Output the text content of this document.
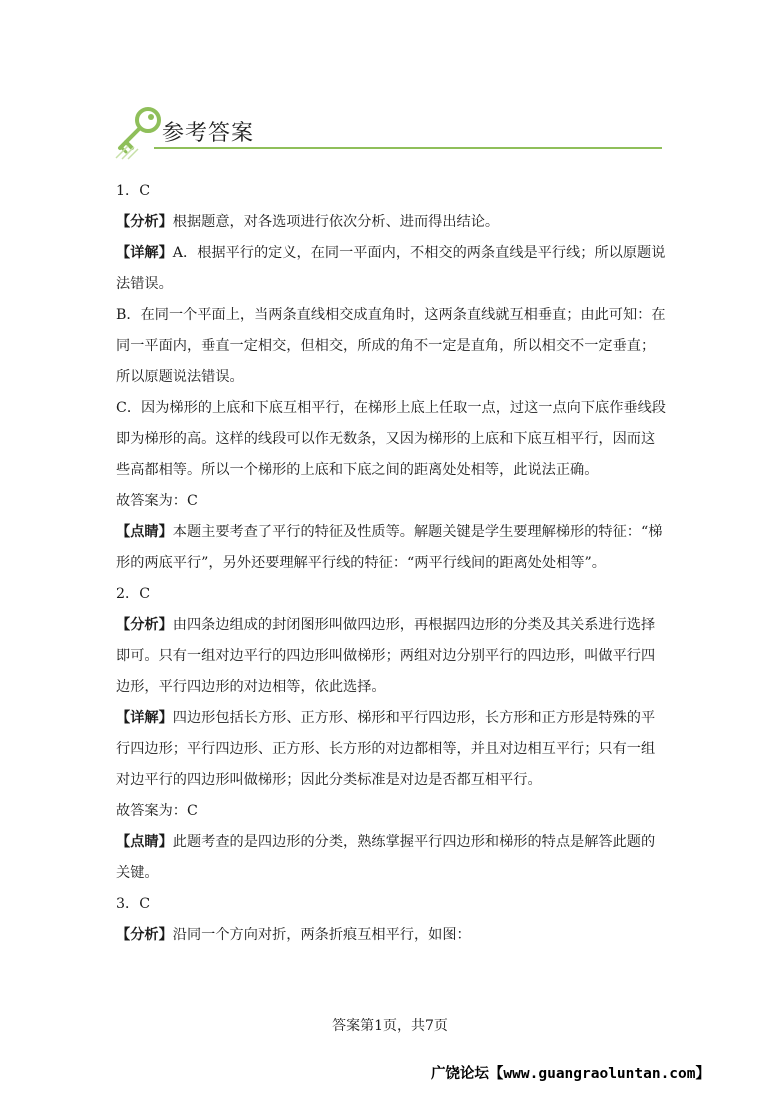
参考答案

1．C

【分析】根据题意，对各选项进行依次分析、进而得出结论。

【详解】A．根据平行的定义，在同一平面内，不相交的两条直线是平行线；所以原题说法错误。

B．在同一个平面上，当两条直线相交成直角时，这两条直线就互相垂直；由此可知：在同一平面内，垂直一定相交，但相交，所成的角不一定是直角，所以相交不一定垂直；所以原题说法错误。

C．因为梯形的上底和下底互相平行，在梯形上底上任取一点，过这一点向下底作垂线段即为梯形的高。这样的线段可以作无数条，又因为梯形的上底和下底互相平行，因而这些高都相等。所以一个梯形的上底和下底之间的距离处处相等，此说法正确。

故答案为：C

【点睛】本题主要考查了平行的特征及性质等。解题关键是学生要理解梯形的特征：“梯形的两底平行”，另外还要理解平行线的特征：“两平行线间的距离处处相等”。

2．C

【分析】由四条边组成的封闭图形叫做四边形，再根据四边形的分类及其关系进行选择即可。只有一组对边平行的四边形叫做梯形；两组对边分别平行的四边形，叫做平行四边形，平行四边形的对边相等，依此选择。

【详解】四边形包括长方形、正方形、梯形和平行四边形，长方形和正方形是特殊的平行四边形；平行四边形、正方形、长方形的对边都相等，并且对边相互平行；只有一组对边平行的四边形叫做梯形；因此分类标准是对边是否都互相平行。

故答案为：C

【点睛】此题考查的是四边形的分类，熟练掌握平行四边形和梯形的特点是解答此题的关键。

3．C

【分析】沿同一个方向对折，两条折痕互相平行，如图：

答案第1页，共7页
广饶论坛【www.guangraoluntan.com】
